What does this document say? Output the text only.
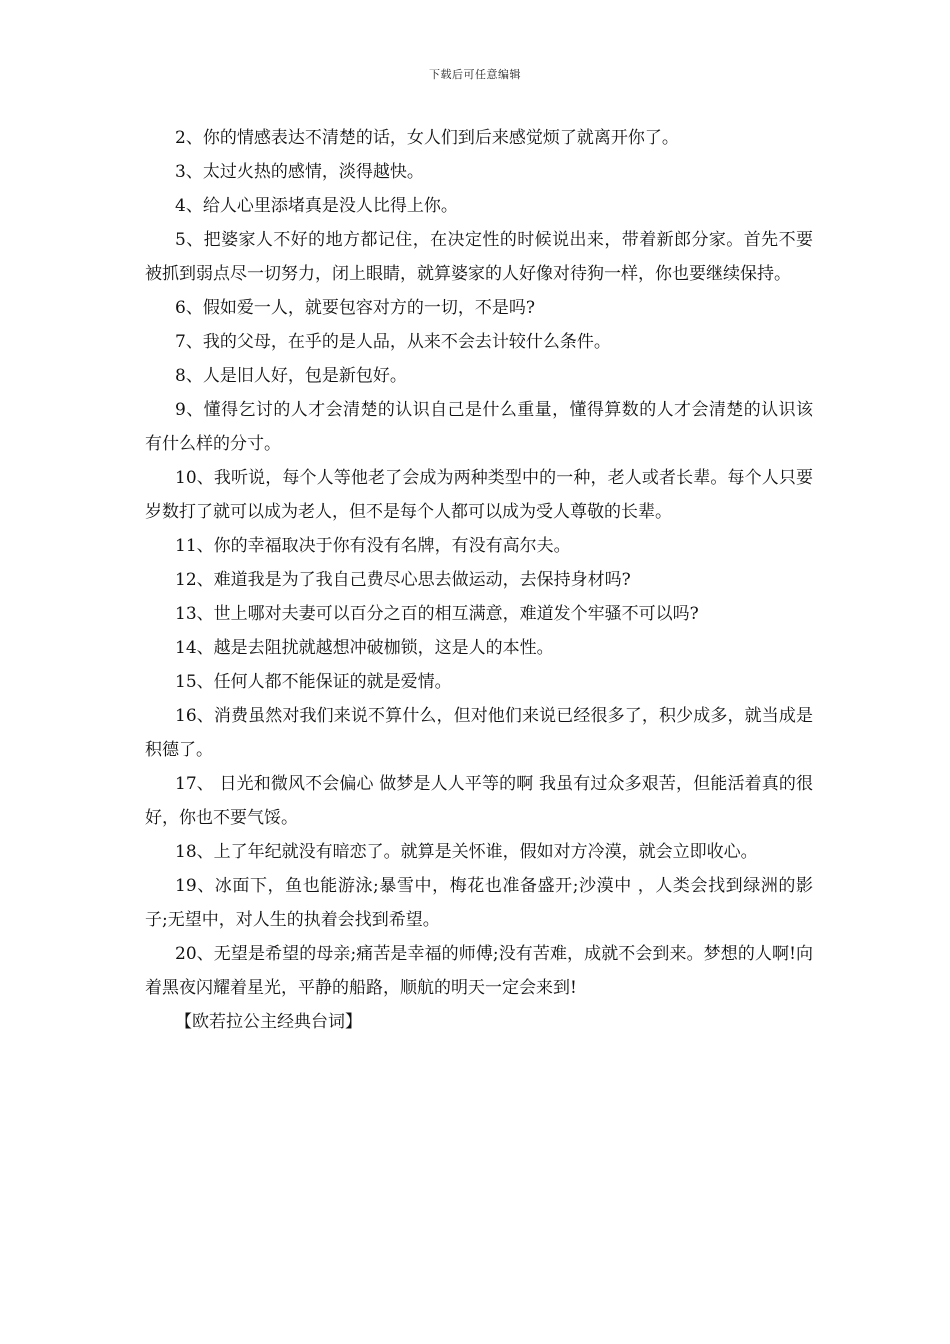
下载后可任意编辑

2、你的情感表达不清楚的话，女人们到后来感觉烦了就离开你了。

3、太过火热的感情，淡得越快。

4、给人心里添堵真是没人比得上你。

5、把婆家人不好的地方都记住，在决定性的时候说出来，带着新郎分家。首先不要被抓到弱点尽一切努力，闭上眼睛，就算婆家的人好像对待狗一样，你也要继续保持。

6、假如爱一人，就要包容对方的一切，不是吗?

7、我的父母，在乎的是人品，从来不会去计较什么条件。

8、人是旧人好，包是新包好。

9、懂得乞讨的人才会清楚的认识自己是什么重量，懂得算数的人才会清楚的认识该有什么样的分寸。

10、我听说，每个人等他老了会成为两种类型中的一种，老人或者长辈。每个人只要岁数打了就可以成为老人，但不是每个人都可以成为受人尊敬的长辈。

11、你的幸福取决于你有没有名牌，有没有高尔夫。

12、难道我是为了我自己费尽心思去做运动，去保持身材吗?

13、世上哪对夫妻可以百分之百的相互满意，难道发个牢骚不可以吗?

14、越是去阻扰就越想冲破枷锁，这是人的本性。

15、任何人都不能保证的就是爱情。

16、消费虽然对我们来说不算什么，但对他们来说已经很多了，积少成多，就当成是积德了。

17、 日光和微风不会偏心 做梦是人人平等的啊 我虽有过众多艰苦，但能活着真的很好，你也不要气馁。

18、上了年纪就没有暗恋了。就算是关怀谁，假如对方冷漠，就会立即收心。

19、冰面下，鱼也能游泳;暴雪中，梅花也准备盛开;沙漠中 ，人类会找到绿洲的影子;无望中，对人生的执着会找到希望。

20、无望是希望的母亲;痛苦是幸福的师傅;没有苦难，成就不会到来。梦想的人啊!向着黑夜闪耀着星光，平静的船路，顺航的明天一定会来到!

【欧若拉公主经典台词】
